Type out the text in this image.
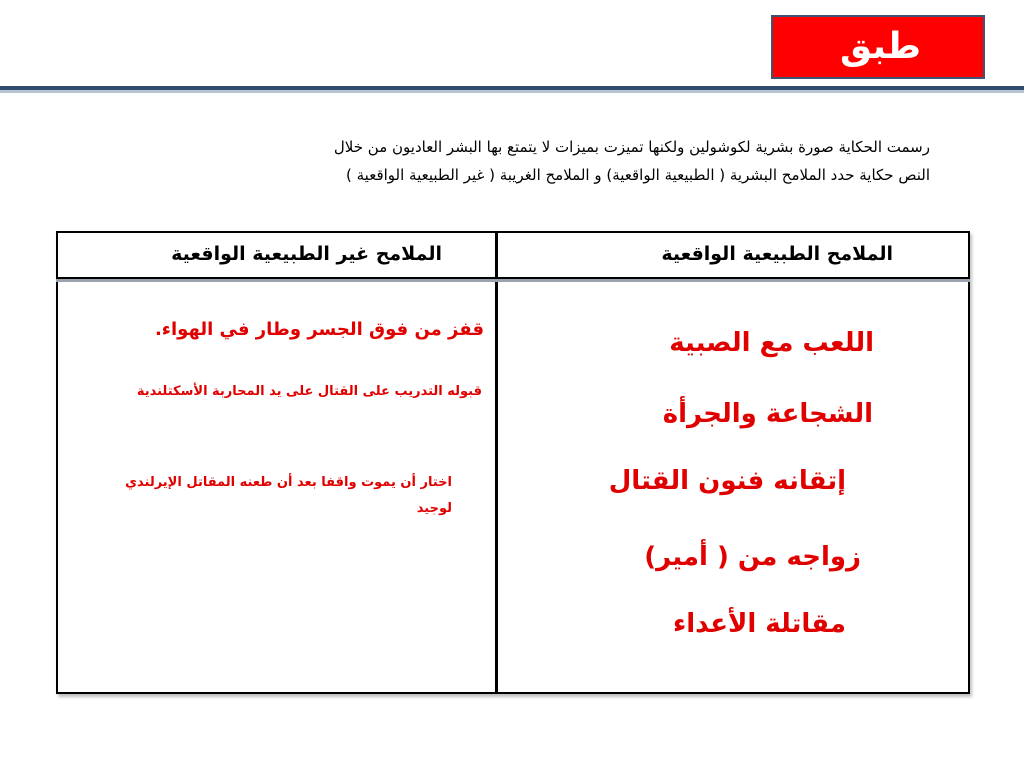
طبق

رسمت الحكاية صورة بشرية لكوشولين ولكنها تميزت بميزات لا يتمتع بها البشر العاديون من خلال

النص حكاية حدد الملامح البشرية ( الطبيعية الواقعية) و الملامح الغريبة ( غير الطبيعية الواقعية )

الملامح الطبيعية الواقعية
الملامح غير الطبيعية الواقعية
قفز من فوق الجسر وطار في الهواء.
قبوله التدريب على القتال على يد المحاربة الأسكتلندية
اختار أن يموت واقفا بعد أن طعنه المقاتل الإيرلندي لوجيد
اللعب مع الصبية
الشجاعة والجرأة
إتقانه فنون القتال
زواجه من ( أمير)
مقاتلة الأعداء
